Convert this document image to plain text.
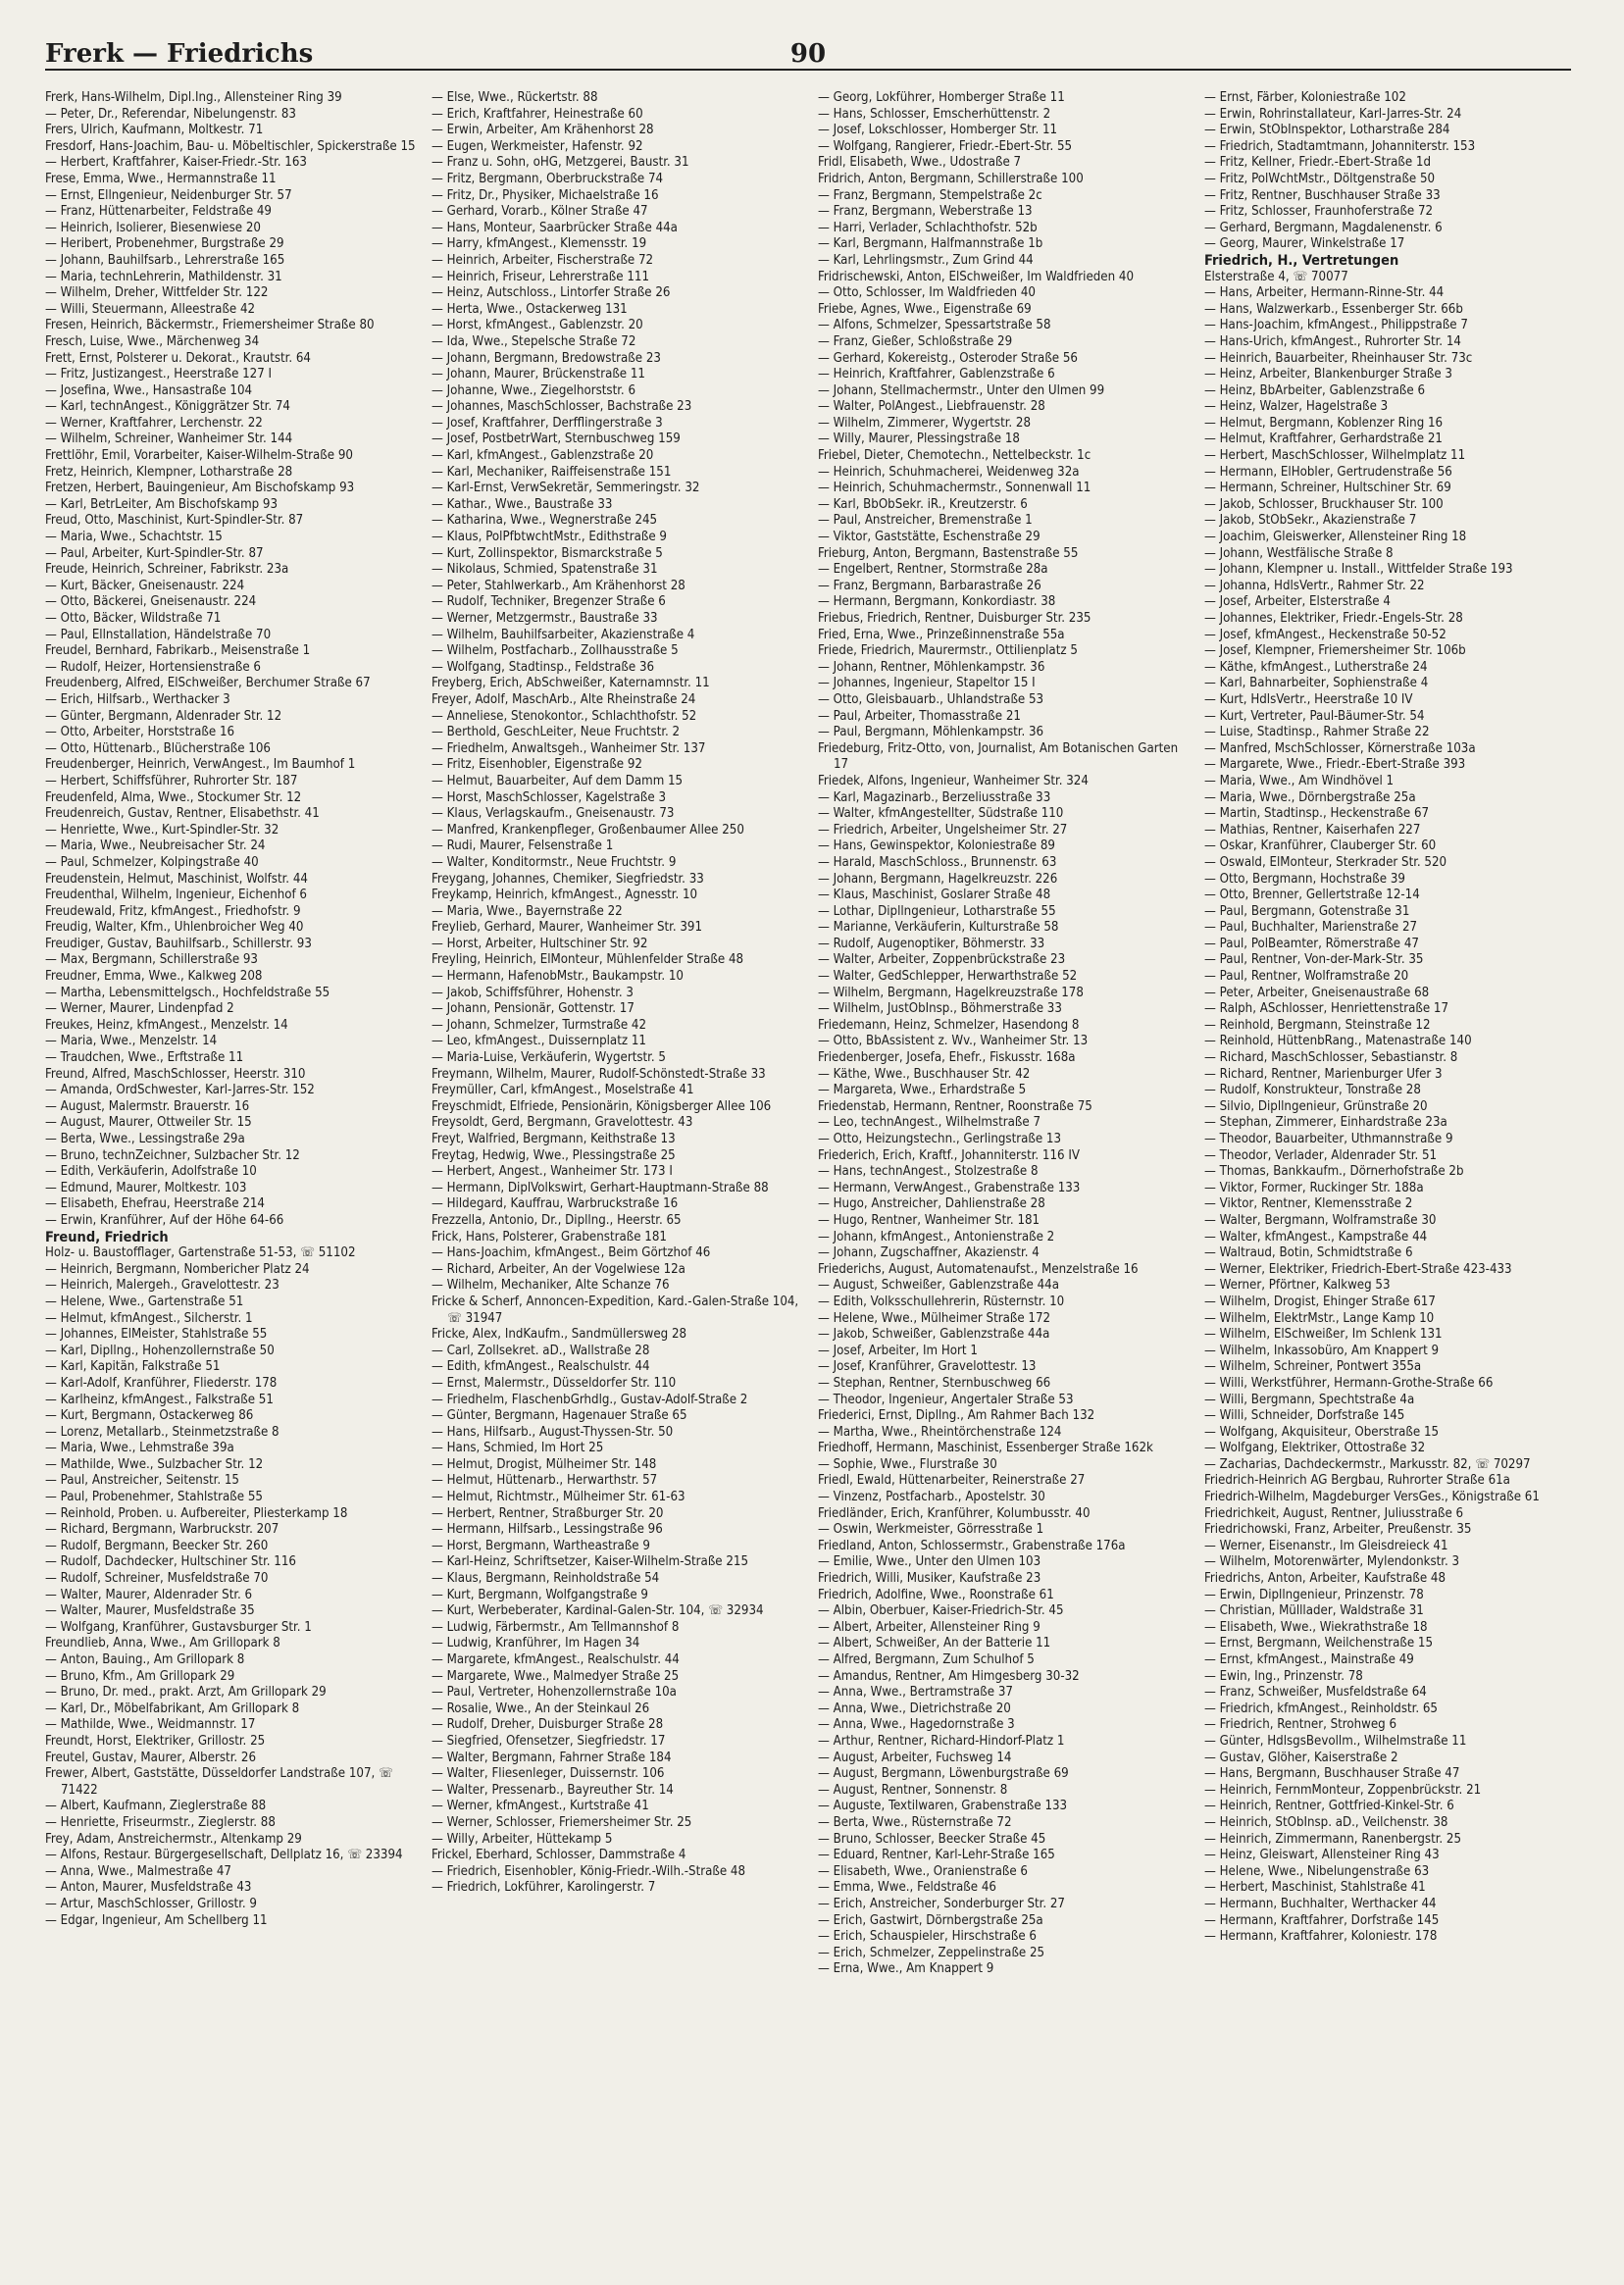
Frerk — Friedrichs	90
Frerk, Hans-Wilhelm, Dipl.Ing., Allensteiner Ring 39
— Peter, Dr., Referendar, Nibelungenstr. 83
Frers, Ulrich, Kaufmann, Moltkestr. 71
Fresdorf, Hans-Joachim, Bau- u. Möbeltischler, Spickerstraße 15
— Herbert, Kraftfahrer, Kaiser-Friedr.-Str. 163
Frese, Emma, Wwe., Hermannstraße 11
— Ernst, Ellngenieur, Neidenburger Str. 57
— Franz, Hüttenarbeiter, Feldstraße 49
— Heinrich, Isolierer, Biesenwiese 20
— Heribert, Probenehmer, Burgstraße 29
— Johann, Bauhilfsarb., Lehrerstraße 165
— Maria, technLehrerin, Mathildenstr. 31
— Wilhelm, Dreher, Wittfelder Str. 122
— Willi, Steuermann, Alleestraße 42
Fresen, Heinrich, Bäckermstr., Friemersheimer Straße 80
Fresch, Luise, Wwe., Märchenweg 34
Frett, Ernst, Polsterer u. Dekorat., Krautstr. 64
— Fritz, Justizangest., Heerstraße 127 I
— Josefina, Wwe., Hansastraße 104
— Karl, technAngest., Königgrätzer Str. 74
— Werner, Kraftfahrer, Lerchenstr. 22
— Wilhelm, Schreiner, Wanheimer Str. 144
Frettlöhr, Emil, Vorarbeiter, Kaiser-Wilhelm-Straße 90
Fretz, Heinrich, Klempner, Lotharstraße 28
Fretzen, Herbert, Bauingenieur, Am Bischofskamp 93
— Karl, BetrLeiter, Am Bischofskamp 93
Freud, Otto, Maschinist, Kurt-Spindler-Str. 87
— Maria, Wwe., Schachtstr. 15
— Paul, Arbeiter, Kurt-Spindler-Str. 87
Freude, Heinrich, Schreiner, Fabrikstr. 23a
— Kurt, Bäcker, Gneisenaustr. 224
— Otto, Bäckerei, Gneisenaustr. 224
— Otto, Bäcker, Wildstraße 71
— Paul, Ellnstallation, Händelstraße 70
Freudel, Bernhard, Fabrikarb., Meisenstraße 1
— Rudolf, Heizer, Hortensienstraße 6
Freudenberg, Alfred, ElSchweißer, Berchumer Straße 67
— Erich, Hilfsarb., Werthacker 3
— Günter, Bergmann, Aldenrader Str. 12
— Otto, Arbeiter, Horststraße 16
— Otto, Hüttenarb., Blücherstraße 106
Freudenberger, Heinrich, VerwAngest., Im Baumhof 1
— Herbert, Schiffsführer, Ruhrorter Str. 187
Freudenfeld, Alma, Wwe., Stockumer Str. 12
Freudenreich, Gustav, Rentner, Elisabethstr. 41
— Henriette, Wwe., Kurt-Spindler-Str. 32
— Maria, Wwe., Neubreisacher Str. 24
— Paul, Schmelzer, Kolpingstraße 40
Freudenstein, Helmut, Maschinist, Wolfstr. 44
Freudenthal, Wilhelm, Ingenieur, Eichenhof 6
Freudewald, Fritz, kfmAngest., Friedhofstr. 9
Freudig, Walter, Kfm., Uhlenbroicher Weg 40
Freudiger, Gustav, Bauhilfsarb., Schillerstr. 93
— Max, Bergmann, Schillerstraße 93
Freudner, Emma, Wwe., Kalkweg 208
— Martha, Lebensmittelgsch., Hochfeldstraße 55
— Werner, Maurer, Lindenpfad 2
Freukes, Heinz, kfmAngest., Menzelstr. 14
— Maria, Wwe., Menzelstr. 14
— Traudchen, Wwe., Erftstraße 11
Freund, Alfred, MaschSchlosser, Heerstr. 310
— Amanda, OrdSchwester, Karl-Jarres-Str. 152
— August, Malermstr. Brauerstr. 16
— August, Maurer, Ottweiler Str. 15
— Berta, Wwe., Lessingstraße 29a
— Bruno, technZeichner, Sulzbacher Str. 12
— Edith, Verkäuferin, Adolfstraße 10
— Edmund, Maurer, Moltkestr. 103
— Elisabeth, Ehefrau, Heerstraße 214
— Erwin, Kranführer, Auf der Höhe 64-66
Freund, Friedrich
Holz- u. Baustofflager, Gartenstraße 51-53, ☏ 51102
— Heinrich, Bergmann, Nombericher Platz 24
— Heinrich, Malergeh., Gravelottestr. 23
— Helene, Wwe., Gartenstraße 51
— Helmut, kfmAngest., Silcherstr. 1
— Johannes, ElMeister, Stahlstraße 55
— Karl, Dipllng., Hohenzollernstraße 50
— Karl, Kapitän, Falkstraße 51
— Karl-Adolf, Kranführer, Fliederstr. 178
— Karlheinz, kfmAngest., Falkstraße 51
— Kurt, Bergmann, Ostackerweg 86
— Lorenz, Metallarb., Steinmetzstraße 8
— Maria, Wwe., Lehmstraße 39a
— Mathilde, Wwe., Sulzbacher Str. 12
— Paul, Anstreicher, Seitenstr. 15
— Paul, Probenehmer, Stahlstraße 55
— Reinhold, Proben. u. Aufbereiter, Pliesterkamp 18
— Richard, Bergmann, Warbruckstr. 207
— Rudolf, Bergmann, Beecker Str. 260
— Rudolf, Dachdecker, Hultschiner Str. 116
— Rudolf, Schreiner, Musfeldstraße 70
— Walter, Maurer, Aldenrader Str. 6
— Walter, Maurer, Musfeldstraße 35
— Wolfgang, Kranführer, Gustavsburger Str. 1
Freundlieb, Anna, Wwe., Am Grillopark 8
— Anton, Bauing., Am Grillopark 8
— Bruno, Kfm., Am Grillopark 29
— Bruno, Dr. med., prakt. Arzt, Am Grillopark 29
— Karl, Dr., Möbelfabrikant, Am Grillopark 8
— Mathilde, Wwe., Weidmannstr. 17
Freundt, Horst, Elektriker, Grillostr. 25
Freutel, Gustav, Maurer, Alberstr. 26
Frewer, Albert, Gaststätte, Düsseldorfer Landstraße 107, ☏ 71422
— Albert, Kaufmann, Zieglerstraße 88
— Henriette, Friseurmstr., Zieglerstr. 88
Frey, Adam, Anstreichermstr., Altenkamp 29
— Alfons, Restaur. Bürgergesellschaft, Dellplatz 16, ☏ 23394
— Anna, Wwe., Malmestraße 47
— Anton, Maurer, Musfeldstraße 43
— Artur, MaschSchlosser, Grillostr. 9
— Edgar, Ingenieur, Am Schellberg 11
— Else, Wwe., Rückertstr. 88
— Erich, Kraftfahrer, Heinestraße 60
— Erwin, Arbeiter, Am Krähenhorst 28
— Eugen, Werkmeister, Hafenstr. 92
— Franz u. Sohn, oHG, Metzgerei, Baustr. 31
— Fritz, Bergmann, Oberbruckstraße 74
— Fritz, Dr., Physiker, Michaelstraße 16
— Gerhard, Vorarb., Kölner Straße 47
— Hans, Monteur, Saarbrücker Straße 44a
— Harry, kfmAngest., Klemensstr. 19
— Heinrich, Arbeiter, Fischerstraße 72
— Heinrich, Friseur, Lehrerstraße 111
— Heinz, Autschloss., Lintorfer Straße 26
— Herta, Wwe., Ostackerweg 131
— Horst, kfmAngest., Gablenzstr. 20
— Ida, Wwe., Stepelsche Straße 72
— Johann, Bergmann, Bredowstraße 23
— Johann, Maurer, Brückenstraße 11
— Johanne, Wwe., Ziegelhorststr. 6
— Johannes, MaschSchlosser, Bachstraße 23
— Josef, Kraftfahrer, Derfflingerstraße 3
— Josef, PostbetrWart, Sternbuschweg 159
— Karl, kfmAngest., Gablenzstraße 20
— Karl, Mechaniker, Raiffeisenstraße 151
— Karl-Ernst, VerwSekretär, Semmeringstr. 32
— Kathar., Wwe., Baustraße 33
— Katharina, Wwe., Wegnerstraße 245
— Klaus, PolPfbtwchtMstr., Edithstraße 9
— Kurt, Zollinspektor, Bismarckstraße 5
— Nikolaus, Schmied, Spatenstraße 31
— Peter, Stahlwerkarb., Am Krähenhorst 28
— Rudolf, Techniker, Bregenzer Straße 6
— Werner, Metzgermstr., Baustraße 33
— Wilhelm, Bauhilfsarbeiter, Akazienstraße 4
— Wilhelm, Postfacharb., Zollhausstraße 5
— Wolfgang, Stadtinsp., Feldstraße 36
Freyberg, Erich, AbSchweißer, Katernamnstr. 11
Freyer, Adolf, MaschArb., Alte Rheinstraße 24
— Anneliese, Stenokontor., Schlachthofstr. 52
— Berthold, GeschLeiter, Neue Fruchtstr. 2
— Friedhelm, Anwaltsgeh., Wanheimer Str. 137
— Fritz, Eisenhobler, Eigenstraße 92
— Helmut, Bauarbeiter, Auf dem Damm 15
— Horst, MaschSchlosser, Kagelstraße 3
— Klaus, Verlagskaufm., Gneisenaustr. 73
— Manfred, Krankenpfleger, Großenbaumer Allee 250
— Rudi, Maurer, Felsenstraße 1
— Walter, Konditormstr., Neue Fruchtstr. 9
Freygang, Johannes, Chemiker, Siegfriedstr. 33
Freykamp, Heinrich, kfmAngest., Agnesstr. 10
— Maria, Wwe., Bayernstraße 22
Freylieb, Gerhard, Maurer, Wanheimer Str. 391
— Horst, Arbeiter, Hultschiner Str. 92
Freyling, Heinrich, ElMonteur, Mühlenfelder Straße 48
— Hermann, HafenobMstr., Baukampstr. 10
— Jakob, Schiffsführer, Hohenstr. 3
— Johann, Pensionär, Gottenstr. 17
— Johann, Schmelzer, Turmstraße 42
— Leo, kfmAngest., Duissernplatz 11
— Maria-Luise, Verkäuferin, Wygertstr. 5
Freymann, Wilhelm, Maurer, Rudolf-Schönstedt-Straße 33
Freymüller, Carl, kfmAngest., Moselstraße 41
Freyschmidt, Elfriede, Pensionärin, Königsberger Allee 106
Freysoldt, Gerd, Bergmann, Gravelottestr. 43
Freyt, Walfried, Bergmann, Keithstraße 13
Freytag, Hedwig, Wwe., Plessingstraße 25
— Herbert, Angest., Wanheimer Str. 173 I
— Hermann, DiplVolkswirt, Gerhart-Hauptmann-Straße 88
— Hildegard, Kauffrau, Warbruckstraße 16
Frezzella, Antonio, Dr., Dipllng., Heerstr. 65
Frick, Hans, Polsterer, Grabenstraße 181
— Hans-Joachim, kfmAngest., Beim Görtzhof 46
— Richard, Arbeiter, An der Vogelwiese 12a
— Wilhelm, Mechaniker, Alte Schanze 76
Fricke & Scherf, Annoncen-Expedition, Kard.-Galen-Straße 104, ☏ 31947
Fricke, Alex, IndKaufm., Sandmüllersweg 28
— Carl, Zollsekret. aD., Wallstraße 28
— Edith, kfmAngest., Realschulstr. 44
— Ernst, Malermstr., Düsseldorfer Str. 110
— Friedhelm, FlaschenbGrhdlg., Gustav-Adolf-Straße 2
— Günter, Bergmann, Hagenauer Straße 65
— Hans, Hilfsarb., August-Thyssen-Str. 50
— Hans, Schmied, Im Hort 25
— Helmut, Drogist, Mülheimer Str. 148
— Helmut, Hüttenarb., Herwarthstr. 57
— Helmut, Richtmstr., Mülheimer Str. 61-63
— Herbert, Rentner, Straßburger Str. 20
— Hermann, Hilfsarb., Lessingstraße 96
— Horst, Bergmann, Wartheastraße 9
— Karl-Heinz, Schriftsetzer, Kaiser-Wilhelm-Straße 215
— Klaus, Bergmann, Reinholdstraße 54
— Kurt, Bergmann, Wolfgangstraße 9
— Kurt, Werbeberater, Kardinal-Galen-Str. 104, ☏ 32934
— Ludwig, Färbermstr., Am Tellmannshof 8
— Ludwig, Kranführer, Im Hagen 34
— Margarete, kfmAngest., Realschulstr. 44
— Margarete, Wwe., Malmedyer Straße 25
— Paul, Vertreter, Hohenzollernstraße 10a
— Rosalie, Wwe., An der Steinkaul 26
— Rudolf, Dreher, Duisburger Straße 28
— Siegfried, Ofensetzer, Siegfriedstr. 17
— Walter, Bergmann, Fahrner Straße 184
— Walter, Fliesenleger, Duissernstr. 106
— Walter, Pressenarb., Bayreuther Str. 14
— Werner, kfmAngest., Kurtstraße 41
— Werner, Schlosser, Friemersheimer Str. 25
— Willy, Arbeiter, Hüttekamp 5
Frickel, Eberhard, Schlosser, Dammstraße 4
— Friedrich, Eisenhobler, König-Friedr.-Wilh.-Straße 48
— Friedrich, Lokführer, Karolingerstr. 7
— Georg, Lokführer, Homberger Straße 11
— Hans, Schlosser, Emscherhüttenstr. 2
— Josef, Lokschlosser, Homberger Str. 11
— Wolfgang, Rangierer, Friedr.-Ebert-Str. 55
Fridl, Elisabeth, Wwe., Udostraße 7
Fridrich, Anton, Bergmann, Schillerstraße 100
— Franz, Bergmann, Stempelstraße 2c
— Franz, Bergmann, Weberstraße 13
— Harri, Verlader, Schlachthofstr. 52b
— Karl, Bergmann, Halfmannstraße 1b
— Karl, Lehrlingsmstr., Zum Grind 44
Fridrischewski, Anton, ElSchweißer, Im Waldfrieden 40
— Otto, Schlosser, Im Waldfrieden 40
Friebe, Agnes, Wwe., Eigenstraße 69
— Alfons, Schmelzer, Spessartstraße 58
— Franz, Gießer, Schloßstraße 29
— Gerhard, Kokereistg., Osteroder Straße 56
— Heinrich, Kraftfahrer, Gablenzstraße 6
— Johann, Stellmachermstr., Unter den Ulmen 99
— Walter, PolAngest., Liebfrauenstr. 28
— Wilhelm, Zimmerer, Wygertstr. 28
— Willy, Maurer, Plessingstraße 18
Friebel, Dieter, Chemotechn., Nettelbeckstr. 1c
— Heinrich, Schuhmacherei, Weidenweg 32a
— Heinrich, Schuhmachermstr., Sonnenwall 11
— Karl, BbObSekr. iR., Kreutzerstr. 6
— Paul, Anstreicher, Bremenstraße 1
— Viktor, Gaststätte, Eschenstraße 29
Frieburg, Anton, Bergmann, Bastenstraße 55
— Engelbert, Rentner, Stormstraße 28a
— Franz, Bergmann, Barbarastraße 26
— Hermann, Bergmann, Konkordiastr. 38
Friebus, Friedrich, Rentner, Duisburger Str. 235
Fried, Erna, Wwe., Prinzeßinnenstraße 55a
Friede, Friedrich, Maurermstr., Ottilienplatz 5
— Johann, Rentner, Möhlenkampstr. 36
— Johannes, Ingenieur, Stapeltor 15 I
— Otto, Gleisbauarb., Uhlandstraße 53
— Paul, Arbeiter, Thomasstraße 21
— Paul, Bergmann, Möhlenkampstr. 36
Friedeburg, Fritz-Otto, von, Journalist, Am Botanischen Garten 17
Friedek, Alfons, Ingenieur, Wanheimer Str. 324
— Karl, Magazinarb., Berzeliusstraße 33
— Walter, kfmAngestellter, Südstraße 110
— Friedrich, Arbeiter, Ungelsheimer Str. 27
— Hans, Gewinspektor, Koloniestraße 89
— Harald, MaschSchloss., Brunnenstr. 63
— Johann, Bergmann, Hagelkreuzstr. 226
— Klaus, Maschinist, Goslarer Straße 48
— Lothar, Dipllngenieur, Lotharstraße 55
— Marianne, Verkäuferin, Kulturstraße 58
— Rudolf, Augenoptiker, Böhmerstr. 33
— Walter, Arbeiter, Zoppenbrückstraße 23
— Walter, GedSchlepper, Herwarthstraße 52
— Wilhelm, Bergmann, Hagelkreuzstraße 178
— Wilhelm, JustObInsp., Böhmerstraße 33
Friedemann, Heinz, Schmelzer, Hasendong 8
— Otto, BbAssistent z. Wv., Wanheimer Str. 13
Friedenberger, Josefa, Ehefr., Fiskusstr. 168a
— Käthe, Wwe., Buschhauser Str. 42
— Margareta, Wwe., Erhardstraße 5
Friedenstab, Hermann, Rentner, Roonstraße 75
— Leo, technAngest., Wilhelmstraße 7
— Otto, Heizungstechn., Gerlingstraße 13
Friederich, Erich, Kraftf., Johanniterstr. 116 IV
— Hans, technAngest., Stolzestraße 8
— Hermann, VerwAngest., Grabenstraße 133
— Hugo, Anstreicher, Dahlienstraße 28
— Hugo, Rentner, Wanheimer Str. 181
— Johann, kfmAngest., Antonienstraße 2
— Johann, Zugschaffner, Akazienstr. 4
Friederichs, August, Automatenaufst., Menzelstraße 16
— August, Schweißer, Gablenzstraße 44a
— Edith, Volksschullehrerin, Rüsternstr. 10
— Helene, Wwe., Mülheimer Straße 172
— Jakob, Schweißer, Gablenzstraße 44a
— Josef, Arbeiter, Im Hort 1
— Josef, Kranführer, Gravelottestr. 13
— Stephan, Rentner, Sternbuschweg 66
— Theodor, Ingenieur, Angertaler Straße 53
Friederici, Ernst, Dipllng., Am Rahmer Bach 132
— Martha, Wwe., Rheintörchenstraße 124
Friedhoff, Hermann, Maschinist, Essenberger Straße 162k
— Sophie, Wwe., Flurstraße 30
Friedl, Ewald, Hüttenarbeiter, Reinerstraße 27
— Vinzenz, Postfacharb., Apostelstr. 30
Friedländer, Erich, Kranführer, Kolumbusstr. 40
— Oswin, Werkmeister, Görresstraße 1
Friedland, Anton, Schlossermstr., Grabenstraße 176a
— Emilie, Wwe., Unter den Ulmen 103
Friedrich, Willi, Musiker, Kaufstraße 23
Friedrich, Adolfine, Wwe., Roonstraße 61
— Albin, Oberbuer, Kaiser-Friedrich-Str. 45
— Albert, Arbeiter, Allensteiner Ring 9
— Albert, Schweißer, An der Batterie 11
— Alfred, Bergmann, Zum Schulhof 5
— Amandus, Rentner, Am Himgesberg 30-32
— Anna, Wwe., Bertramstraße 37
— Anna, Wwe., Dietrichstraße 20
— Anna, Wwe., Hagedornstraße 3
— Arthur, Rentner, Richard-Hindorf-Platz 1
— August, Arbeiter, Fuchsweg 14
— August, Bergmann, Löwenburgstraße 69
— August, Rentner, Sonnenstr. 8
— Auguste, Textilwaren, Grabenstraße 133
— Berta, Wwe., Rüsternstraße 72
— Bruno, Schlosser, Beecker Straße 45
— Eduard, Rentner, Karl-Lehr-Straße 165
— Elisabeth, Wwe., Oranienstraße 6
— Emma, Wwe., Feldstraße 46
— Erich, Anstreicher, Sonderburger Str. 27
— Erich, Gastwirt, Dörnbergstraße 25a
— Erich, Schauspieler, Hirschstraße 6
— Erich, Schmelzer, Zeppelinstraße 25
— Erna, Wwe., Am Knappert 9
— Ernst, Färber, Koloniestraße 102
— Erwin, Rohrinstallateur, Karl-Jarres-Str. 24
— Erwin, StObInspektor, Lotharstraße 284
— Friedrich, Stadtamtmann, Johanniterstr. 153
— Fritz, Kellner, Friedr.-Ebert-Straße 1d
— Fritz, PolWchtMstr., Döltgenstraße 50
— Fritz, Rentner, Buschhauser Straße 33
— Fritz, Schlosser, Fraunhoferstraße 72
— Gerhard, Bergmann, Magdalenenstr. 6
— Georg, Maurer, Winkelstraße 17
Friedrich, H., Vertretungen
Elsterstraße 4, ☏ 70077
— Hans, Arbeiter, Hermann-Rinne-Str. 44
— Hans, Walzwerkarb., Essenberger Str. 66b
— Hans-Joachim, kfmAngest., Philippstraße 7
— Hans-Urich, kfmAngest., Ruhrorter Str. 14
— Heinrich, Bauarbeiter, Rheinhauser Str. 73c
— Heinz, Arbeiter, Blankenburger Straße 3
— Heinz, BbArbeiter, Gablenzstraße 6
— Heinz, Walzer, Hagelstraße 3
— Helmut, Bergmann, Koblenzer Ring 16
— Helmut, Kraftfahrer, Gerhardstraße 21
— Herbert, MaschSchlosser, Wilhelmplatz 11
— Hermann, ElHobler, Gertrudenstraße 56
— Hermann, Schreiner, Hultschiner Str. 69
— Jakob, Schlosser, Bruckhauser Str. 100
— Jakob, StObSekr., Akazienstraße 7
— Joachim, Gleiswerker, Allensteiner Ring 18
— Johann, Westfälische Straße 8
— Johann, Klempner u. Install., Wittfelder Straße 193
— Johanna, HdlsVertr., Rahmer Str. 22
— Josef, Arbeiter, Elsterstraße 4
— Johannes, Elektriker, Friedr.-Engels-Str. 28
— Josef, kfmAngest., Heckenstraße 50-52
— Josef, Klempner, Friemersheimer Str. 106b
— Käthe, kfmAngest., Lutherstraße 24
— Karl, Bahnarbeiter, Sophienstraße 4
— Kurt, HdlsVertr., Heerstraße 10 IV
— Kurt, Vertreter, Paul-Bäumer-Str. 54
— Luise, Stadtinsp., Rahmer Straße 22
— Manfred, MschSchlosser, Körnerstraße 103a
— Margarete, Wwe., Friedr.-Ebert-Straße 393
— Maria, Wwe., Am Windhövel 1
— Maria, Wwe., Dörnbergstraße 25a
— Martin, Stadtinsp., Heckenstraße 67
— Mathias, Rentner, Kaiserhafen 227
— Oskar, Kranführer, Clauberger Str. 60
— Oswald, ElMonteur, Sterkrader Str. 520
— Otto, Bergmann, Hochstraße 39
— Otto, Brenner, Gellertstraße 12-14
— Paul, Bergmann, Gotenstraße 31
— Paul, Buchhalter, Marienstraße 27
— Paul, PolBeamter, Römerstraße 47
— Paul, Rentner, Von-der-Mark-Str. 35
— Paul, Rentner, Wolframstraße 20
— Peter, Arbeiter, Gneisenaustraße 68
— Ralph, ASchlosser, Henriettenstraße 17
— Reinhold, Bergmann, Steinstraße 12
— Reinhold, HüttenbRang., Matenastraße 140
— Richard, MaschSchlosser, Sebastianstr. 8
— Richard, Rentner, Marienburger Ufer 3
— Rudolf, Konstrukteur, Tonstraße 28
— Silvio, Dipllngenieur, Grünstraße 20
— Stephan, Zimmerer, Einhardstraße 23a
— Theodor, Bauarbeiter, Uthmannstraße 9
— Theodor, Verlader, Aldenrader Str. 51
— Thomas, Bankkaufm., Dörnerhofstraße 2b
— Viktor, Former, Ruckinger Str. 188a
— Viktor, Rentner, Klemensstraße 2
— Walter, Bergmann, Wolframstraße 30
— Walter, kfmAngest., Kampstraße 44
— Waltraud, Botin, Schmidtstraße 6
— Werner, Elektriker, Friedrich-Ebert-Straße 423-433
— Werner, Pförtner, Kalkweg 53
— Wilhelm, Drogist, Ehinger Straße 617
— Wilhelm, ElektrMstr., Lange Kamp 10
— Wilhelm, ElSchweißer, Im Schlenk 131
— Wilhelm, Inkassobüro, Am Knappert 9
— Wilhelm, Schreiner, Pontwert 355a
— Willi, Werkstführer, Hermann-Grothe-Straße 66
— Willi, Bergmann, Spechtstraße 4a
— Willi, Schneider, Dorfstraße 145
— Wolfgang, Akquisiteur, Oberstraße 15
— Wolfgang, Elektriker, Ottostraße 32
— Zacharias, Dachdeckermstr., Markusstr. 82, ☏ 70297
Friedrich-Heinrich AG Bergbau, Ruhrorter Straße 61a
Friedrich-Wilhelm, Magdeburger VersGes., Königstraße 61
Friedrichkeit, August, Rentner, Juliusstraße 6
Friedrichowski, Franz, Arbeiter, Preußenstr. 35
— Werner, Eisenanstr., Im Gleisdreieck 41
— Wilhelm, Motorenwärter, Mylendonkstr. 3
Friedrichs, Anton, Arbeiter, Kaufstraße 48
— Erwin, Dipllngenieur, Prinzenstr. 78
— Christian, Mülllader, Waldstraße 31
— Elisabeth, Wwe., Wiekrathstraße 18
— Ernst, Bergmann, Weilchenstraße 15
— Ernst, kfmAngest., Mainstraße 49
— Ewin, Ing., Prinzenstr. 78
— Franz, Schweißer, Musfeldstraße 64
— Friedrich, kfmAngest., Reinholdstr. 65
— Friedrich, Rentner, Strohweg 6
— Günter, HdlsgsBevollm., Wilhelmstraße 11
— Gustav, Glöher, Kaiserstraße 2
— Hans, Bergmann, Buschhauser Straße 47
— Heinrich, FernmMonteur, Zoppenbrückstr. 21
— Heinrich, Rentner, Gottfried-Kinkel-Str. 6
— Heinrich, StObInsp. aD., Veilchenstr. 38
— Heinrich, Zimmermann, Ranenbergstr. 25
— Heinz, Gleiswart, Allensteiner Ring 43
— Helene, Wwe., Nibelungenstraße 63
— Herbert, Maschinist, Stahlstraße 41
— Hermann, Buchhalter, Werthacker 44
— Hermann, Kraftfahrer, Dorfstraße 145
— Hermann, Kraftfahrer, Koloniestr. 178
